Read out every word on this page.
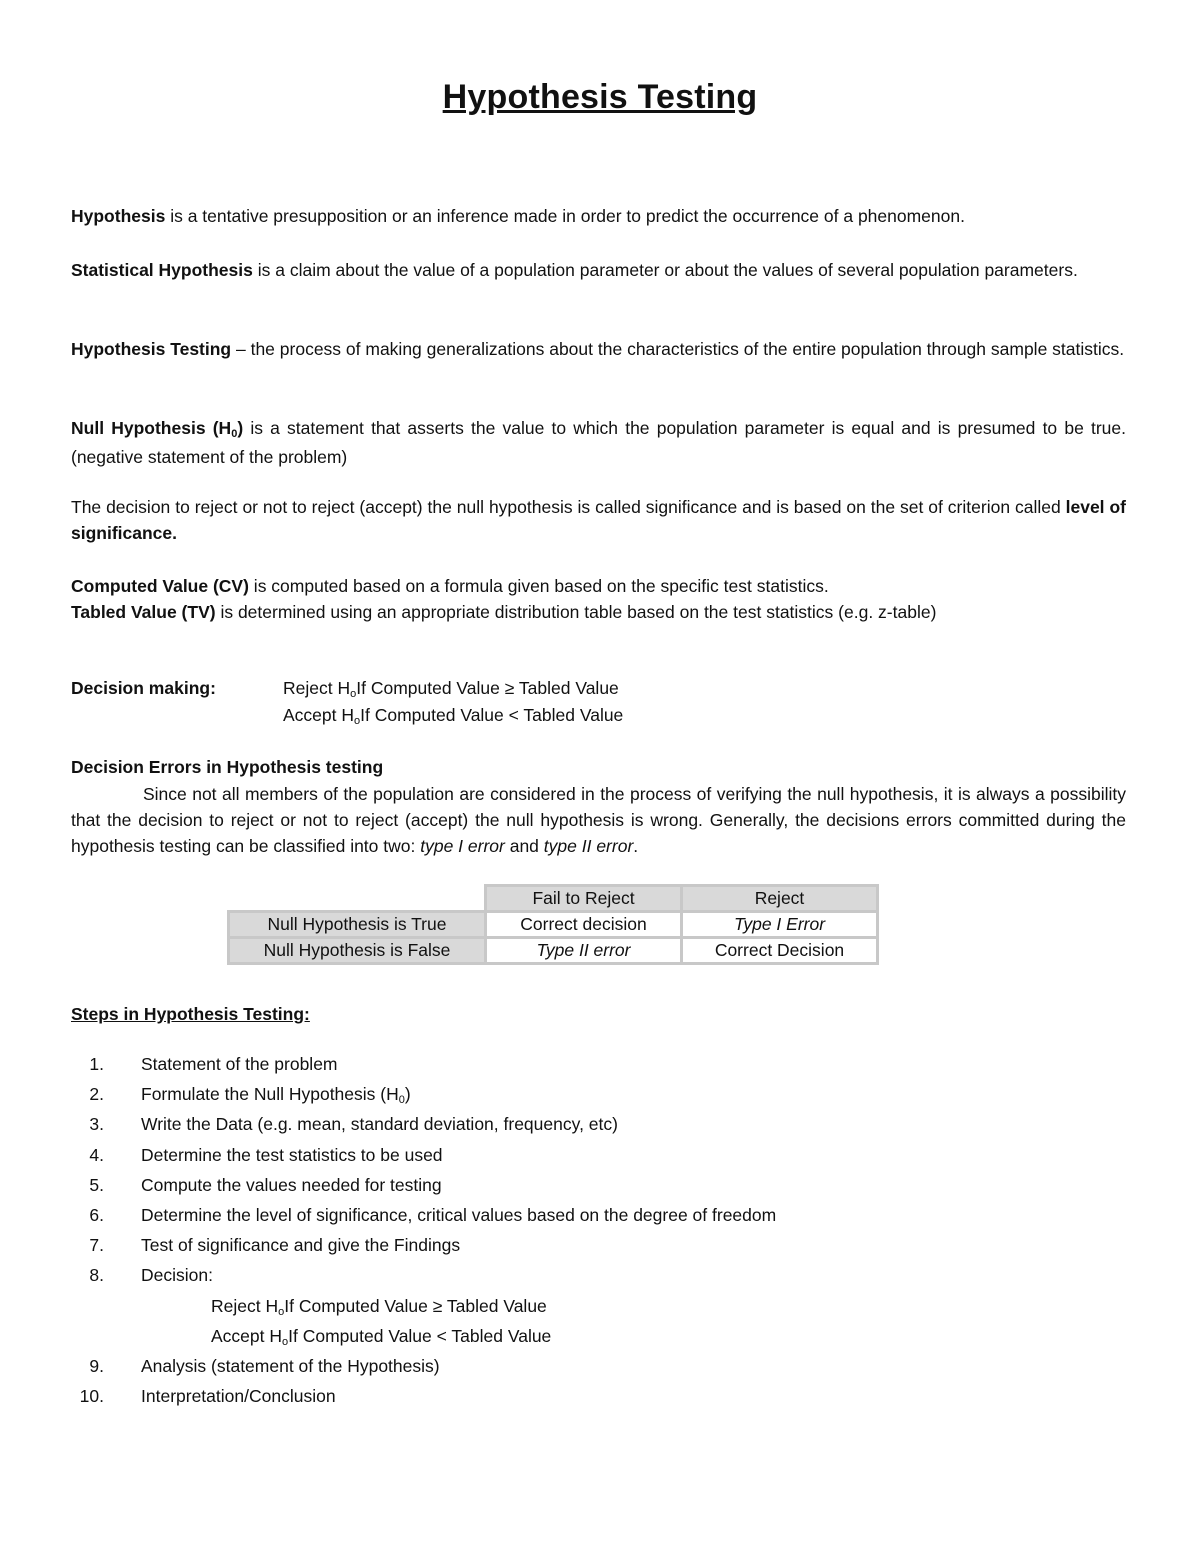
Hypothesis Testing

Hypothesis is a tentative presupposition or an inference made in order to predict the occurrence of a phenomenon.

Statistical Hypothesis is a claim about the value of a population parameter or about the values of several population parameters.

Hypothesis Testing – the process of making generalizations about the characteristics of the entire population through sample statistics.

Null Hypothesis $(H_0)$ is a statement that asserts the value to which the population parameter is equal and is presumed to be true. (negative statement of the problem)

The decision to reject or not to reject (accept) the null hypothesis is called significance and is based on the set of criterion called level of significance.

Computed Value (CV) is computed based on a formula given based on the specific test statistics.

Tabled Value (TV) is determined using an appropriate distribution table based on the test statistics (e.g. z-table)

Decision making:	Reject $H_oIf$ Computed Value ≥ Tabled Value
Accept $H_oIf$ Computed Value < Tabled Value
Decision Errors in Hypothesis testing

Since not all members of the population are considered in the process of verifying the null hypothesis, it is always a possibility that the decision to reject or not to reject (accept) the null hypothesis is wrong. Generally, the decisions errors committed during the hypothesis testing can be classified into two: type I error and type II error.

	Fail to Reject	Reject
Null Hypothesis is True	Correct decision	Type I Error
Null Hypothesis is False	Type II error	Correct Decision
Steps in Hypothesis Testing:
1. Statement of the problem
2. Formulate the Null Hypothesis $(H_0)$
3. Write the Data (e.g. mean, standard deviation, frequency, etc)
4. Determine the test statistics to be used
5. Compute the values needed for testing
6. Determine the level of significance, critical values based on the degree of freedom
7. Test of significance and give the Findings
8. Decision:
Reject $H_oIf$ Computed Value ≥ Tabled Value
Accept $H_oIf$ Computed Value < Tabled Value
9. Analysis (statement of the Hypothesis)
10. Interpretation/Conclusion
